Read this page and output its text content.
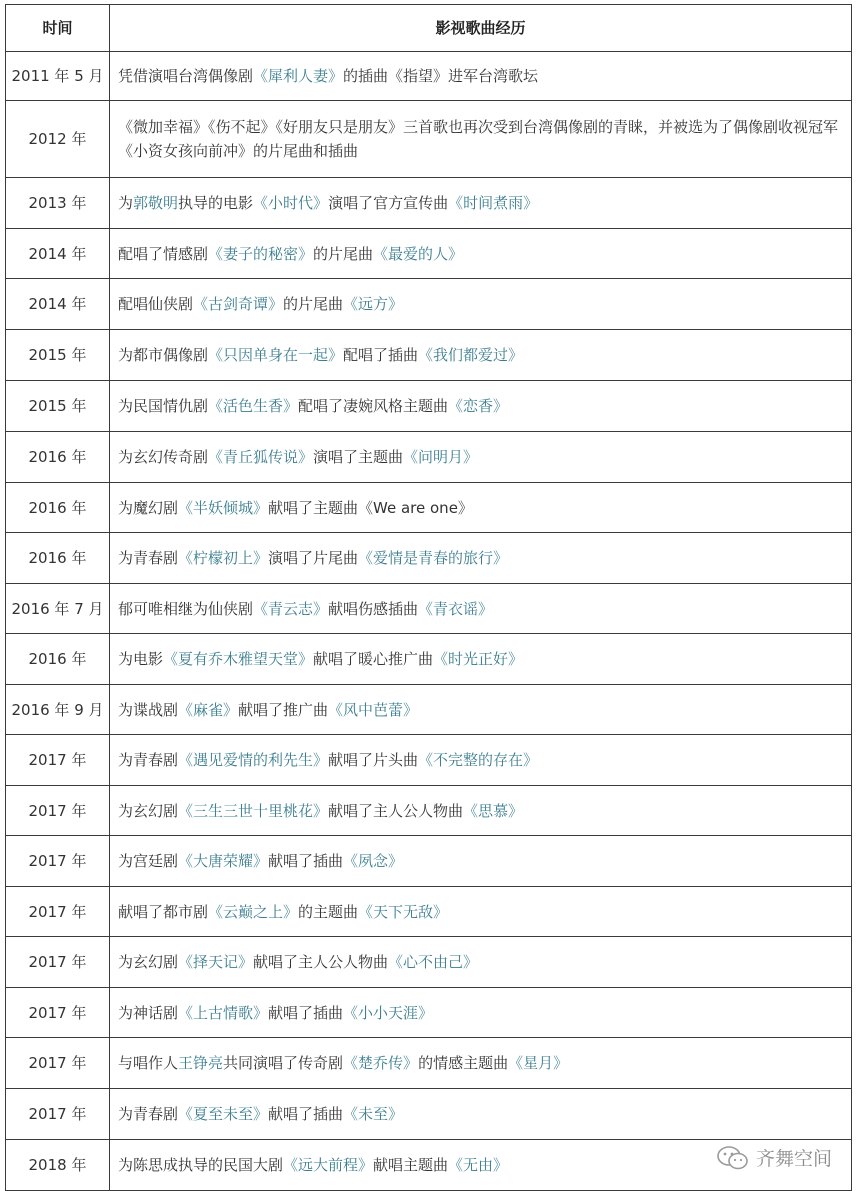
时间	影视歌曲经历
2011 年 5 月	凭借演唱台湾偶像剧《犀利人妻》的插曲《指望》进军台湾歌坛
2012 年	《微加幸福》《伤不起》《好朋友只是朋友》三首歌也再次受到台湾偶像剧的青睐，并被选为了偶像剧收视冠军《小资女孩向前冲》的片尾曲和插曲
2013 年	为郭敬明执导的电影《小时代》演唱了官方宣传曲《时间煮雨》
2014 年	配唱了情感剧《妻子的秘密》的片尾曲《最爱的人》
2014 年	配唱仙侠剧《古剑奇谭》的片尾曲《远方》
2015 年	为都市偶像剧《只因单身在一起》配唱了插曲《我们都爱过》
2015 年	为民国情仇剧《活色生香》配唱了凄婉风格主题曲《恋香》
2016 年	为玄幻传奇剧《青丘狐传说》演唱了主题曲《问明月》
2016 年	为魔幻剧《半妖倾城》献唱了主题曲《We are one》
2016 年	为青春剧《柠檬初上》演唱了片尾曲《爱情是青春的旅行》
2016 年 7 月	郁可唯相继为仙侠剧《青云志》献唱伤感插曲《青衣谣》
2016 年	为电影《夏有乔木雅望天堂》献唱了暖心推广曲《时光正好》
2016 年 9 月	为谍战剧《麻雀》献唱了推广曲《风中芭蕾》
2017 年	为青春剧《遇见爱情的利先生》献唱了片头曲《不完整的存在》
2017 年	为玄幻剧《三生三世十里桃花》献唱了主人公人物曲《思慕》
2017 年	为宫廷剧《大唐荣耀》献唱了插曲《夙念》
2017 年	献唱了都市剧《云巅之上》的主题曲《天下无敌》
2017 年	为玄幻剧《择天记》献唱了主人公人物曲《心不由己》
2017 年	为神话剧《上古情歌》献唱了插曲《小小天涯》
2017 年	与唱作人王铮亮共同演唱了传奇剧《楚乔传》的情感主题曲《星月》
2017 年	为青春剧《夏至未至》献唱了插曲《未至》
2018 年	为陈思成执导的民国大剧《远大前程》献唱主题曲《无由》	齐舞空间
